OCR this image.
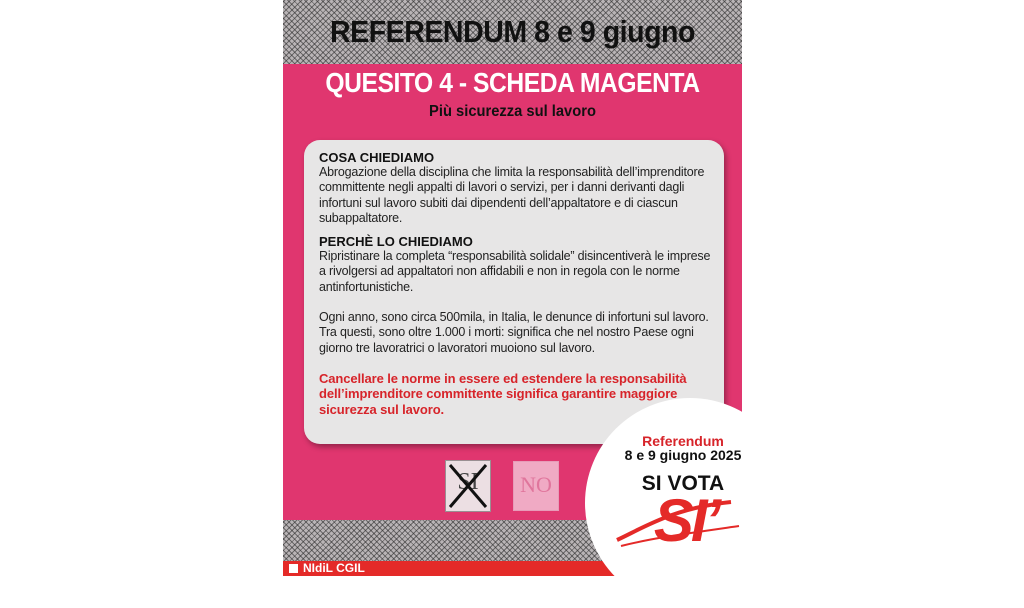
REFERENDUM 8 e 9 giugno
QUESITO 4 - SCHEDA MAGENTA
Più sicurezza sul lavoro

COSA CHIEDIAMO

Abrogazione della disciplina che limita la responsabilità dell’imprenditore committente negli appalti di lavori o servizi, per i danni derivanti dagli infortuni sul lavoro subiti dai dipendenti dell’appaltatore e di ciascun subappaltatore.

PERCHÈ LO CHIEDIAMO

Ripristinare la completa “responsabilità solidale” disincentiverà le imprese a rivolgersi ad appaltatori non affidabili e non in regola con le norme antinfortunistiche.

Ogni anno, sono circa 500mila, in Italia, le denunce di infortuni sul lavoro. Tra questi, sono oltre 1.000 i morti: significa che nel nostro Paese ogni giorno tre lavoratrici o lavoratori muoiono sul lavoro.

Cancellare le norme in essere ed estendere la responsabilità dell’imprenditore committente significa garantire maggiore sicurezza sul lavoro.

SI	NO
NIdiL CGIL
Referendum
8 e 9 giugno 2025
SI VOTA
SI’
